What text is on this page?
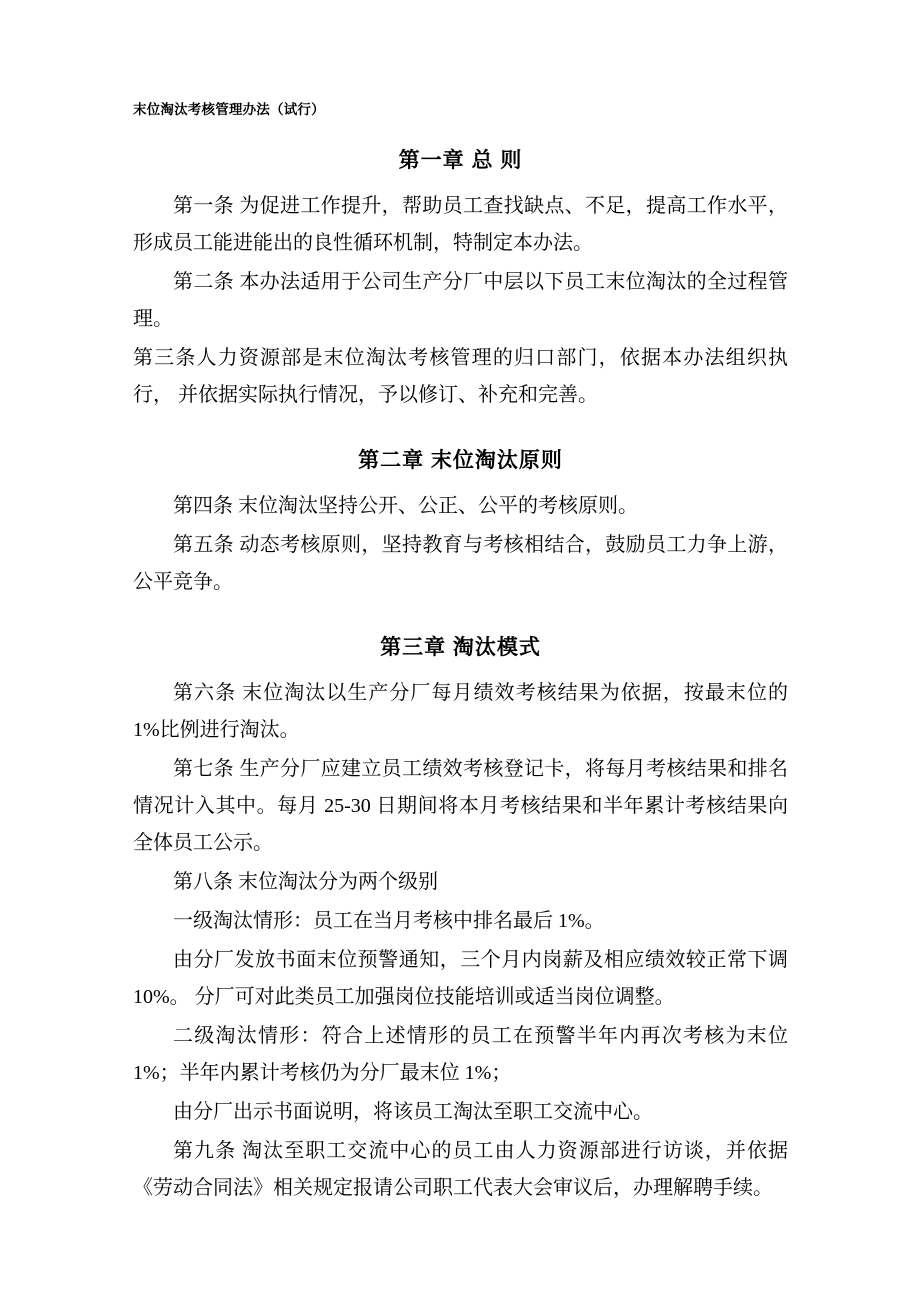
末位淘汰考核管理办法（试行）
第一章 总 则

第一条 为促进工作提升，帮助员工查找缺点、不足，提高工作水平，形成员工能进能出的良性循环机制，特制定本办法。

第二条 本办法适用于公司生产分厂中层以下员工末位淘汰的全过程管理。

第三条人力资源部是末位淘汰考核管理的归口部门，依据本办法组织执行， 并依据实际执行情况，予以修订、补充和完善。

第二章 末位淘汰原则

第四条 末位淘汰坚持公开、公正、公平的考核原则。

第五条 动态考核原则，坚持教育与考核相结合，鼓励员工力争上游，公平竞争。

第三章 淘汰模式

第六条 末位淘汰以生产分厂每月绩效考核结果为依据，按最末位的 1%比例进行淘汰。

第七条 生产分厂应建立员工绩效考核登记卡，将每月考核结果和排名情况计入其中。每月 25-30 日期间将本月考核结果和半年累计考核结果向全体员工公示。

第八条 末位淘汰分为两个级别

一级淘汰情形：员工在当月考核中排名最后 1%。

由分厂发放书面末位预警通知，三个月内岗薪及相应绩效较正常下调 10%。 分厂可对此类员工加强岗位技能培训或适当岗位调整。

二级淘汰情形：符合上述情形的员工在预警半年内再次考核为末位 1%；半年内累计考核仍为分厂最末位 1%；

由分厂出示书面说明，将该员工淘汰至职工交流中心。

第九条 淘汰至职工交流中心的员工由人力资源部进行访谈，并依据《劳动合同法》相关规定报请公司职工代表大会审议后，办理解聘手续。
